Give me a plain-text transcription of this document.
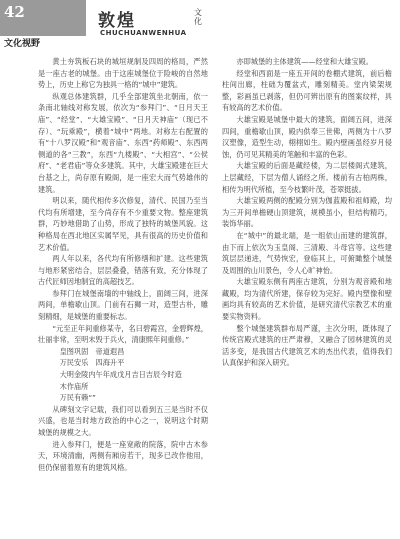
42
文化视野
敦煌	文化
CHUCHUANWENHUA

黄土夯筑板石块的城垣规制及四周的格局，严然是一座古老的城堡。由于这座城堡位于险峻的自然地势上，历史上称它为独具一格的“城中”建筑。

纵观总体建筑群，几乎全部建筑坐北朝南，依一条南北轴线对称发展，依次为“参拜门”、“日月天王庙”、“经堂”、“大雄宝殿”、“日月天神庙”（现已不存）、“玩乘殿”，横着“城中”两地。对称左右配置的有“十八罗汉殿”和“观音庙”、东西“药师殿”、东西两侧道的各“三教”，东西“九楼殿”、“大相宫”、“公侯府”、“老君庙”等众多建筑。其中，大雄宝殿建在巨大台基之上，尚存原有殿阁，是一座宏大而气势雄伟的建筑。

明以来，随代相传多次修复，清代、民国乃至当代均有所增建，至今尚存有不少重要文物。整座建筑群，巧妙地借助了山势，形成了独特的城堡风貌。这种格局在西北地区实属罕见，具有很高的历史价值和艺术价值。

两人年以来，各代均有所修缮和扩建。这些建筑与地形紧密结合，层层叠叠，错落有致，充分体现了古代匠师因地制宜的高超技艺。

参拜门在城堡南墙的中轴线上，面阔三间，进深两间，单檐歇山顶。门前有石狮一对，造型古朴，雕刻精细，是城堡的重要标志。

“元至正年间重修某寺，名曰碧霞宫，金碧辉煌，壮丽非常，至明末毁于兵火，清康熙年间重修。”

皇图巩固　帝道遐昌

万民安乐　四海升平

大明金陵内午年成戊月吉日吉辰今时造

木作庙所

万民有赖“”

从碑刻文字记载，我们可以看到五三是当时不仅兴盛，也是当时地方政治的中心之一，说明这个时期城堡的规模之大。

进入参拜门，便是一座宽敞的院落，院中古木参天，环境清幽，两侧有厢房若干，现多已改作他用，但仍保留着原有的建筑风格。

亦即城堡的主体建筑——经堂和大雄宝殿。

经堂和西面是一座五开间的卷棚式建筑，前后檐柱间出廊，柱础为覆盆式，雕刻精美。堂内梁架规整，彩画虽已剥落，但仍可辨出原有的图案纹样，具有较高的艺术价值。

大雄宝殿是城堡中最大的建筑，面阔五间，进深四间，重檐歇山顶，殿内供奉三世佛，两侧为十八罗汉塑像，造型生动，栩栩如生。殿内壁画虽经岁月侵蚀，仍可见其精美的笔触和丰富的色彩。

大雄宝殿的后面是藏经楼，为二层楼阁式建筑，上层藏经，下层为僧人诵经之所。楼前有古柏两株，相传为明代所植，至今枝繁叶茂，苍翠挺拔。

大雄宝殿两侧的配殿分别为伽蓝殿和祖师殿，均为三开间单檐硬山顶建筑，规模虽小，但结构精巧，装饰华丽。

在“城中”的最北端，是一组依山而建的建筑群，由下而上依次为玉皇阁、三清殿、斗母宫等。这些建筑层层递进，气势恢宏，登临其上，可俯瞰整个城堡及周围的山川景色，令人心旷神怡。

大雄宝殿东侧有两座古建筑，分别为观音殿和地藏殿，均为清代所建，保存较为完好。殿内塑像和壁画均具有较高的艺术价值，是研究清代宗教艺术的重要实物资料。

整个城堡建筑群布局严谨，主次分明，既体现了传统宫殿式建筑的庄严肃穆，又融合了园林建筑的灵活多变，是我国古代建筑艺术的杰出代表，值得我们认真保护和深入研究。
